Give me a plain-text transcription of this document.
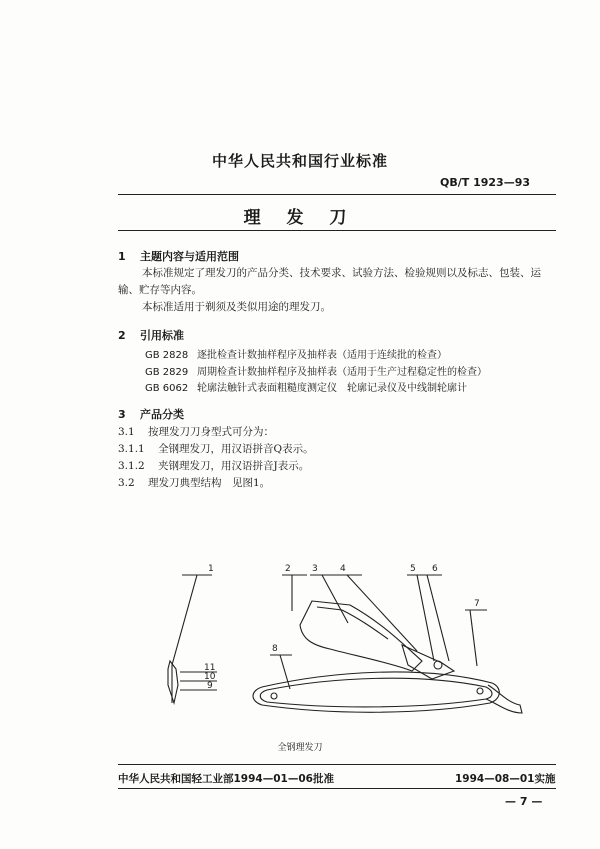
中华人民共和国行业标准
QB/T 1923—93
理 发 刀
1 主题内容与适用范围
本标准规定了理发刀的产品分类、技术要求、试验方法、检验规则以及标志、包装、运
输、贮存等内容。
本标准适用于剃须及类似用途的理发刀。
2 引用标准
GB 2828 逐批检查计数抽样程序及抽样表（适用于连续批的检查）
GB 2829 周期检查计数抽样程序及抽样表（适用于生产过程稳定性的检查）
GB 6062 轮廓法触针式表面粗糙度测定仪　轮廓记录仪及中线制轮廓计
3 产品分类
3.1 按理发刀刀身型式可分为：
3.1.1 全钢理发刀，用汉语拼音Q表示。
3.1.2 夹钢理发刀，用汉语拼音J表示。
3.2 理发刀典型结构　见图1。
1	2 3 4	5 6
7
8
9
10
11
全钢理发刀
中华人民共和国轻工业部1994—01—06批准	1994—08—01实施
— 7 —
